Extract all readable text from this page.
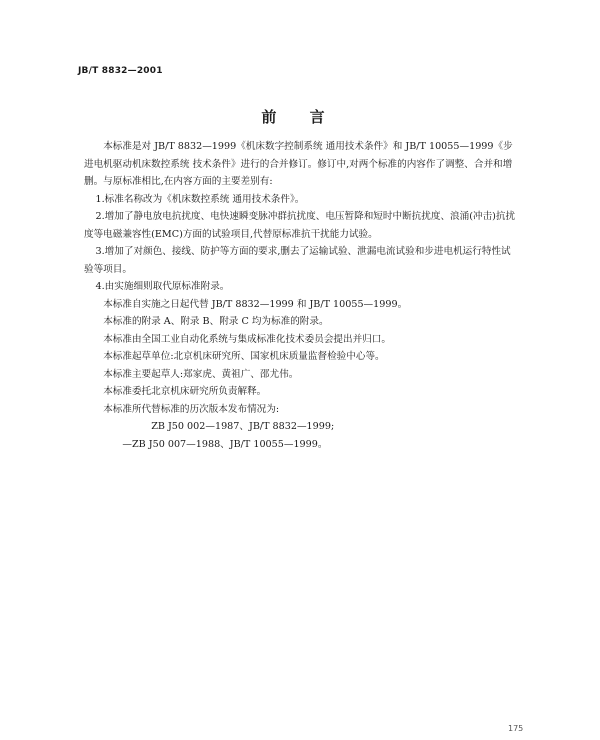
JB/T 8832—2001
前 言

本标准是对 JB/T 8832—1999《机床数字控制系统 通用技术条件》和 JB/T 10055—1999《步进电机驱动机床数控系统 技术条件》进行的合并修订。修订中,对两个标准的内容作了调整、合并和增删。与原标准相比,在内容方面的主要差别有:

1.标准名称改为《机床数控系统 通用技术条件》。

2.增加了静电放电抗扰度、电快速瞬变脉冲群抗扰度、电压暂降和短时中断抗扰度、浪涌(冲击)抗扰度等电磁兼容性(EMC)方面的试验项目,代替原标准抗干扰能力试验。

3.增加了对颜色、接线、防护等方面的要求,删去了运输试验、泄漏电流试验和步进电机运行特性试验等项目。

4.由实施细则取代原标准附录。

本标准自实施之日起代替 JB/T 8832—1999 和 JB/T 10055—1999。

本标准的附录 A、附录 B、附录 C 均为标准的附录。

本标准由全国工业自动化系统与集成标准化技术委员会提出并归口。

本标准起草单位:北京机床研究所、国家机床质量监督检验中心等。

本标准主要起草人:郑家虎、黄祖广、邵尤伟。

本标准委托北京机床研究所负责解释。

本标准所代替标准的历次版本发布情况为:

ZB J50 002—1987、JB/T 8832—1999;

—ZB J50 007—1988、JB/T 10055—1999。

175
